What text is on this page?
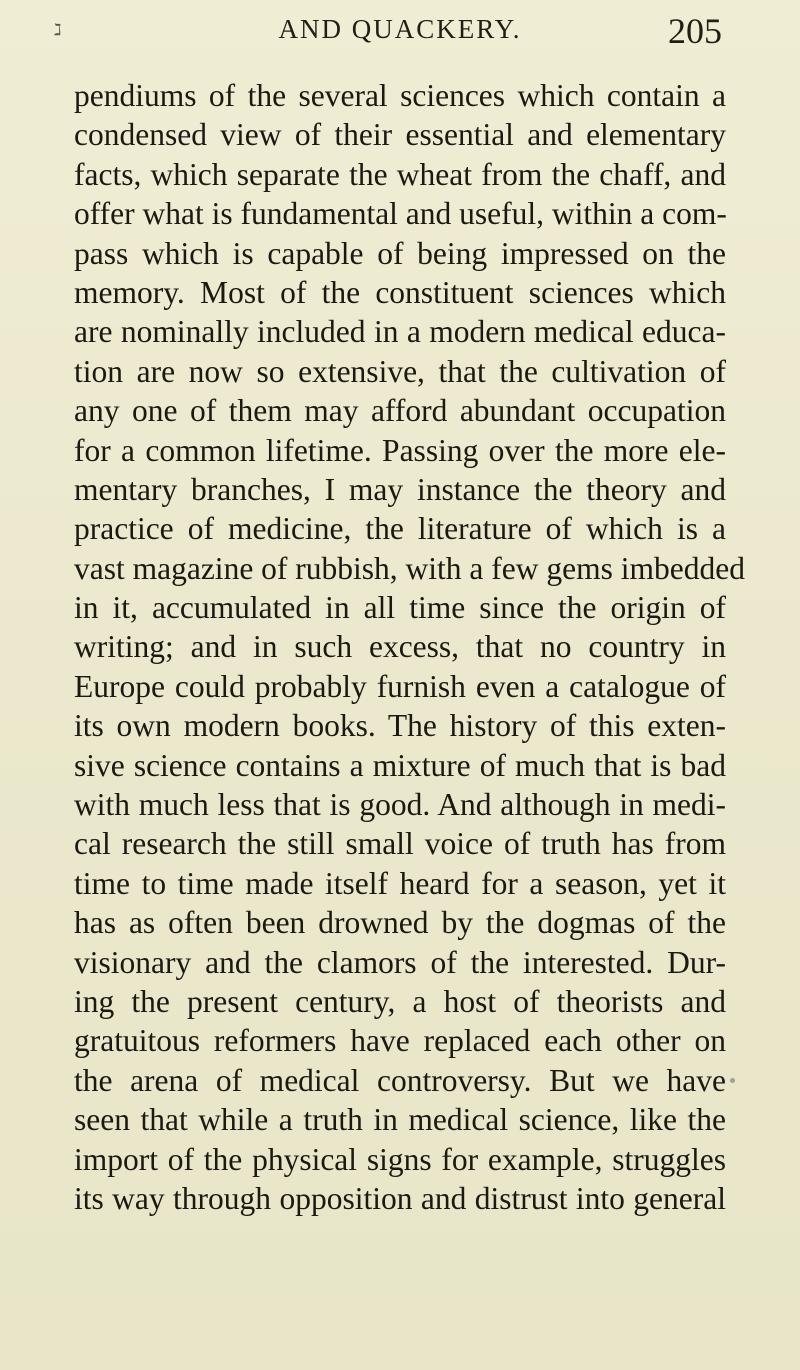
ℷ	AND QUACKERY.	205
pendiums of the several sciences which contain a
condensed view of their essential and elementary
facts, which separate the wheat from the chaff, and
offer what is fundamental and useful, within a com-
pass which is capable of being impressed on the
memory. Most of the constituent sciences which
are nominally included in a modern medical educa-
tion are now so extensive, that the cultivation of
any one of them may afford abundant occupation
for a common lifetime. Passing over the more ele-
mentary branches, I may instance the theory and
practice of medicine, the literature of which is a
vast magazine of rubbish, with a few gems imbedded
in it, accumulated in all time since the origin of
writing; and in such excess, that no country in
Europe could probably furnish even a catalogue of
its own modern books. The history of this exten-
sive science contains a mixture of much that is bad
with much less that is good. And although in medi-
cal research the still small voice of truth has from
time to time made itself heard for a season, yet it
has as often been drowned by the dogmas of the
visionary and the clamors of the interested. Dur-
ing the present century, a host of theorists and
gratuitous reformers have replaced each other on
the arena of medical controversy. But we have
seen that while a truth in medical science, like the
import of the physical signs for example, struggles
its way through opposition and distrust into general
